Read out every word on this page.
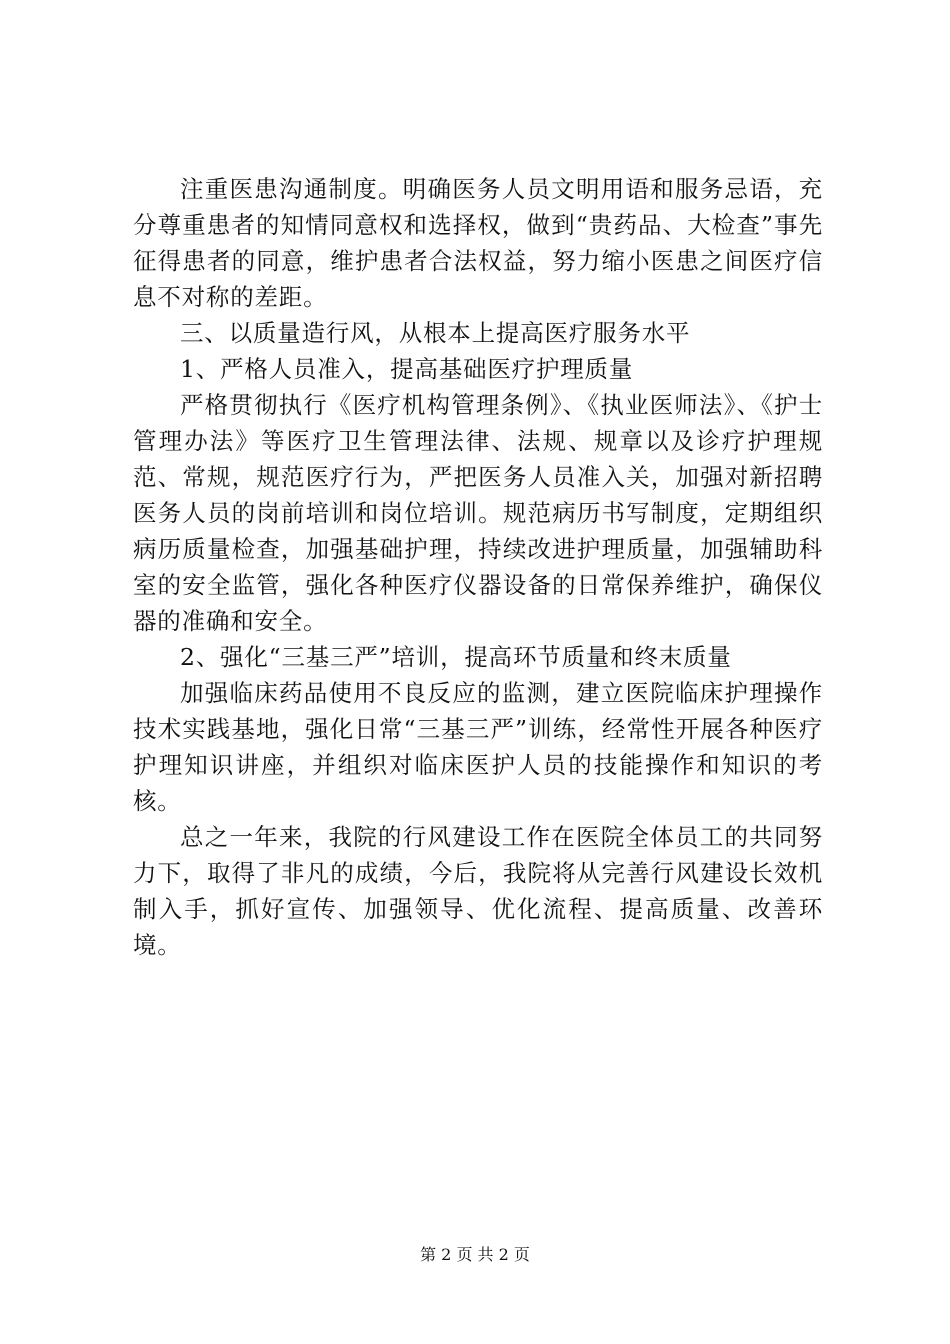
注重医患沟通制度。明确医务人员文明用语和服务忌语，充分尊重患者的知情同意权和选择权，做到“贵药品、大检查”事先征得患者的同意，维护患者合法权益，努力缩小医患之间医疗信息不对称的差距。

三、以质量造行风，从根本上提高医疗服务水平

1、严格人员准入，提高基础医疗护理质量

严格贯彻执行《医疗机构管理条例》、《执业医师法》、《护士管理办法》等医疗卫生管理法律、法规、规章以及诊疗护理规范、常规，规范医疗行为，严把医务人员准入关，加强对新招聘医务人员的岗前培训和岗位培训。规范病历书写制度，定期组织病历质量检查，加强基础护理，持续改进护理质量，加强辅助科室的安全监管，强化各种医疗仪器设备的日常保养维护，确保仪器的准确和安全。

2、强化“三基三严”培训，提高环节质量和终末质量

加强临床药品使用不良反应的监测，建立医院临床护理操作技术实践基地，强化日常“三基三严”训练，经常性开展各种医疗护理知识讲座，并组织对临床医护人员的技能操作和知识的考核。

总之一年来，我院的行风建设工作在医院全体员工的共同努力下，取得了非凡的成绩，今后，我院将从完善行风建设长效机制入手，抓好宣传、加强领导、优化流程、提高质量、改善环境。

第 2 页 共 2 页
